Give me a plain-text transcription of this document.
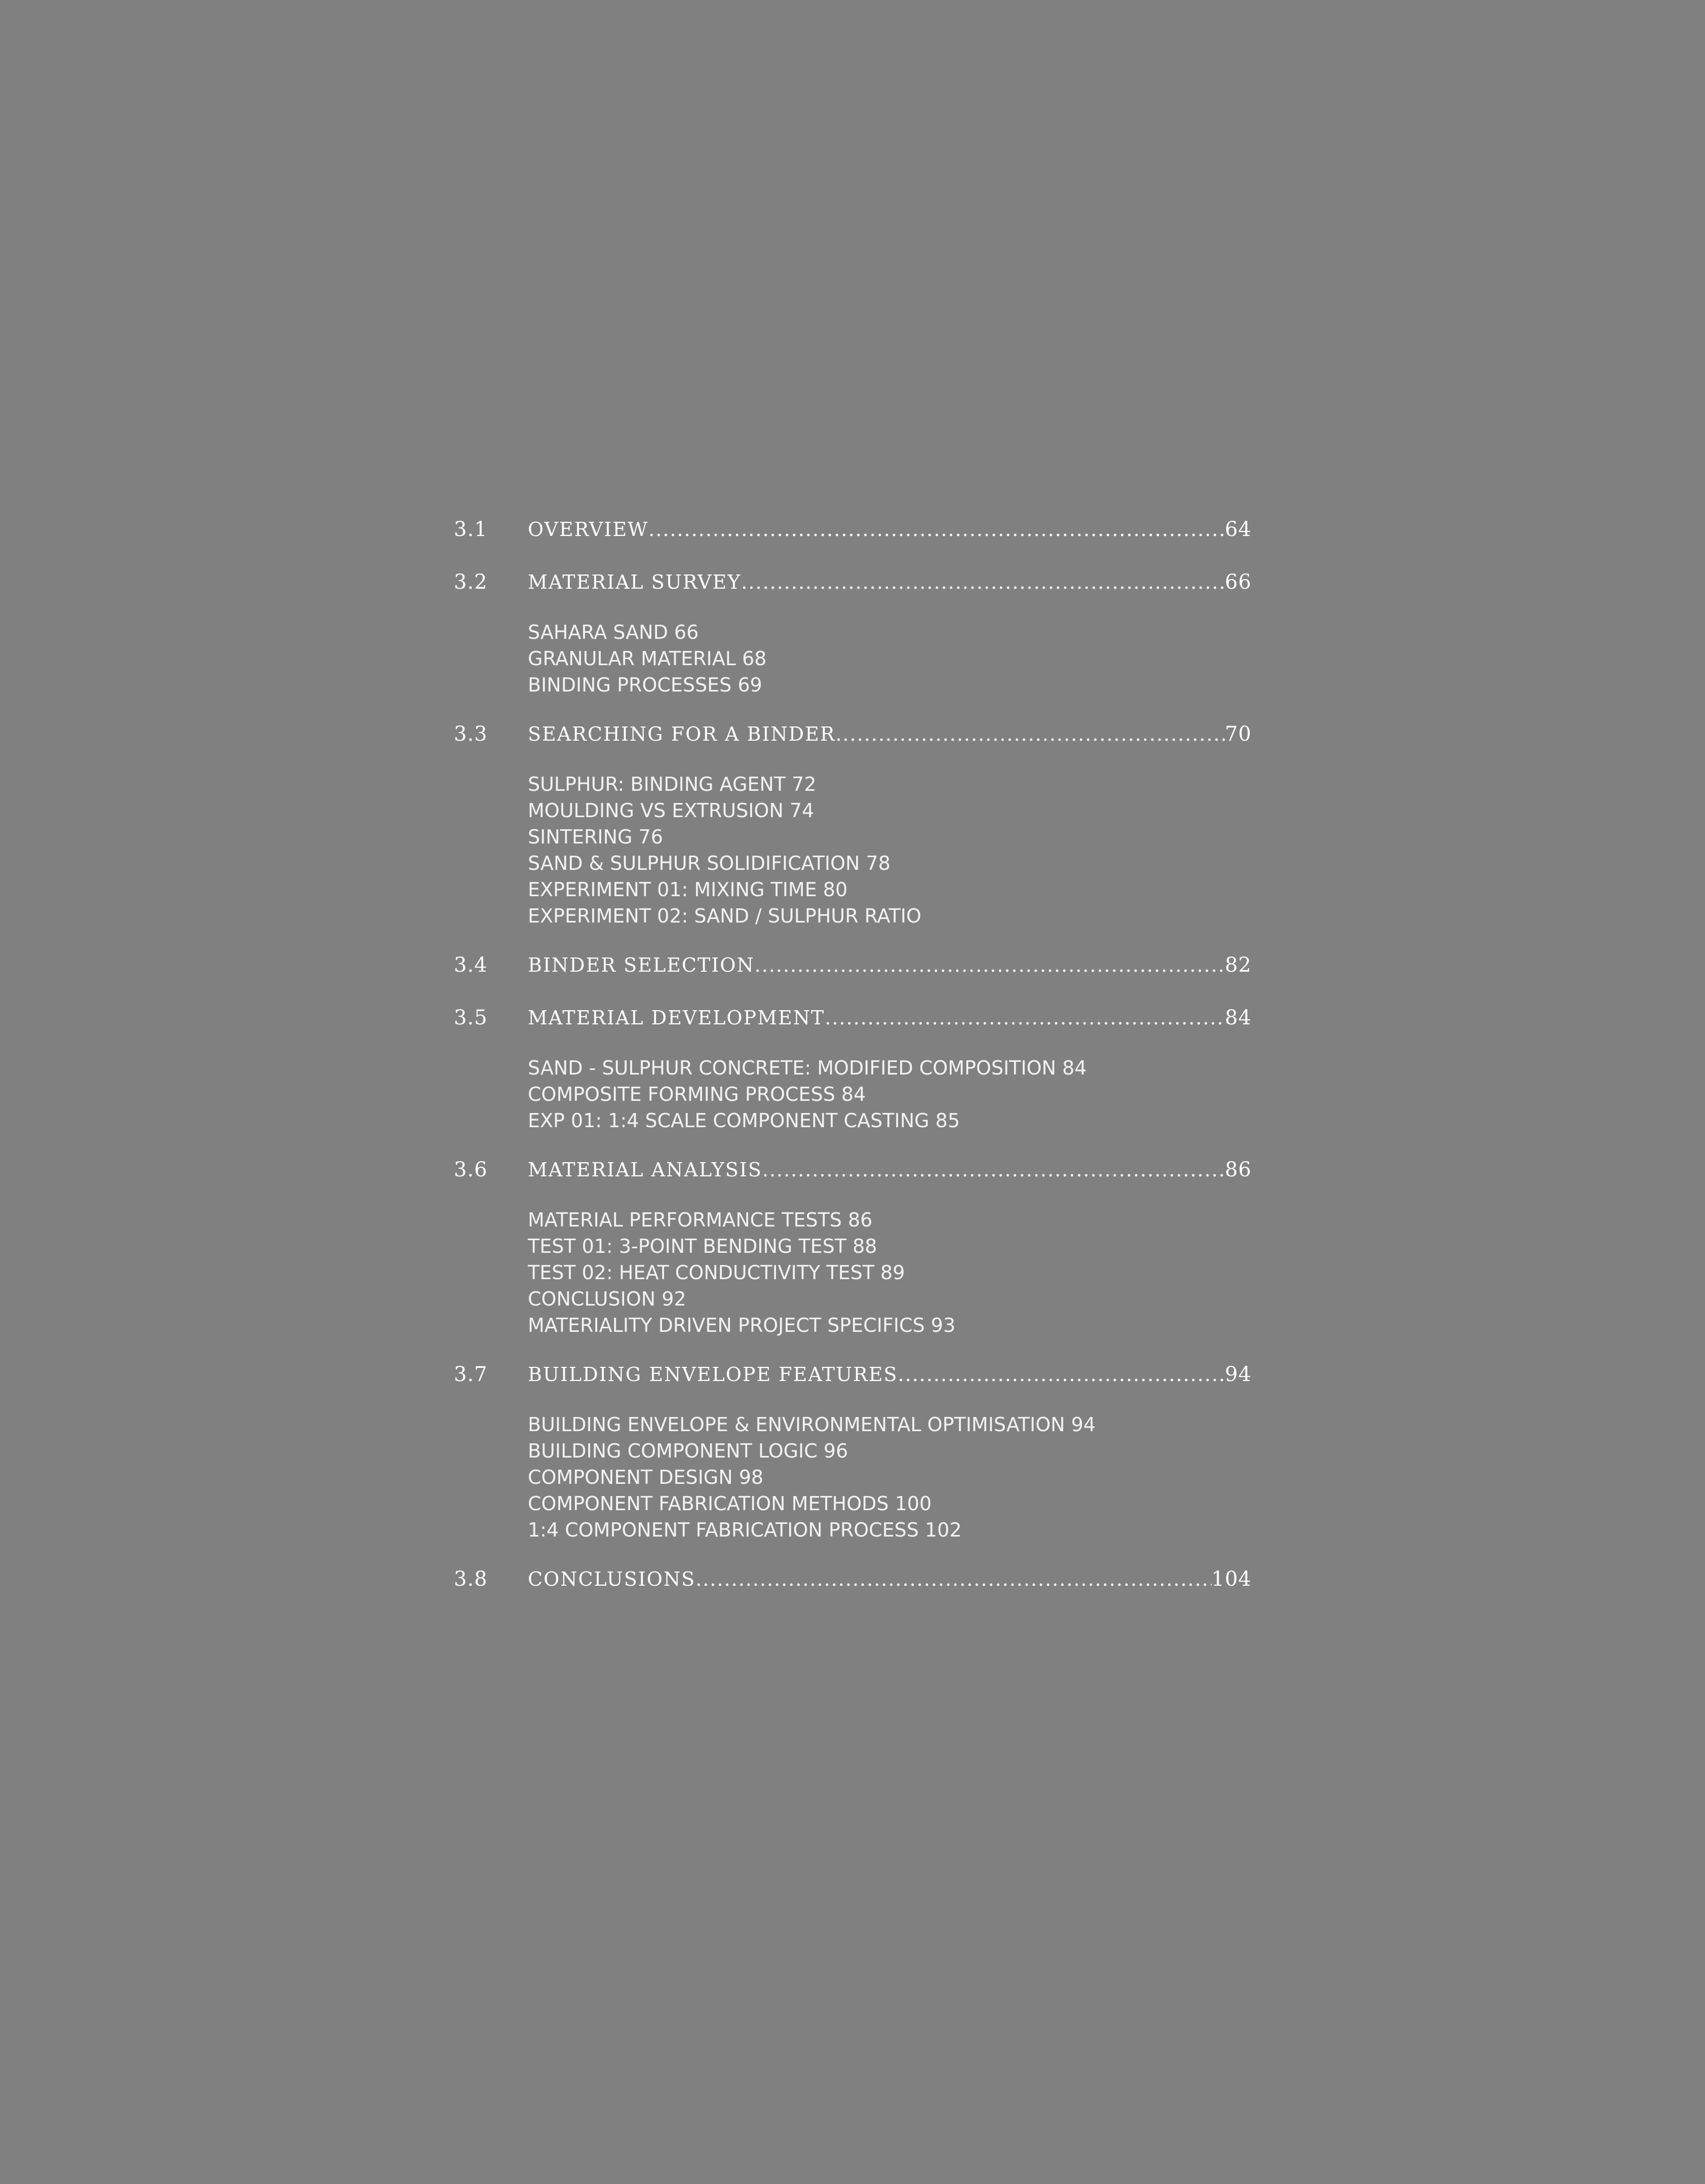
3.1	OVERVIEW .....	64
3.2	MATERIAL SURVEY .....	66
SAHARA SAND 66
GRANULAR MATERIAL 68
BINDING PROCESSES 69
3.3	SEARCHING FOR A BINDER .....	70
SULPHUR: BINDING AGENT 72
MOULDING VS EXTRUSION 74
SINTERING 76
SAND & SULPHUR SOLIDIFICATION 78
EXPERIMENT 01: MIXING TIME 80
EXPERIMENT 02: SAND / SULPHUR RATIO
3.4	BINDER SELECTION .....	82
3.5	MATERIAL DEVELOPMENT .....	84
SAND - SULPHUR CONCRETE: MODIFIED COMPOSITION 84
COMPOSITE FORMING PROCESS 84
EXP 01: 1:4 SCALE COMPONENT CASTING 85
3.6	MATERIAL ANALYSIS .....	86
MATERIAL PERFORMANCE TESTS 86
TEST 01: 3-POINT BENDING TEST 88
TEST 02: HEAT CONDUCTIVITY TEST 89
CONCLUSION 92
MATERIALITY DRIVEN PROJECT SPECIFICS 93
3.7	BUILDING ENVELOPE FEATURES .....	94
BUILDING ENVELOPE & ENVIRONMENTAL OPTIMISATION 94
BUILDING COMPONENT LOGIC 96
COMPONENT DESIGN 98
COMPONENT FABRICATION METHODS 100
1:4 COMPONENT FABRICATION PROCESS 102
3.8	CONCLUSIONS .....	104
